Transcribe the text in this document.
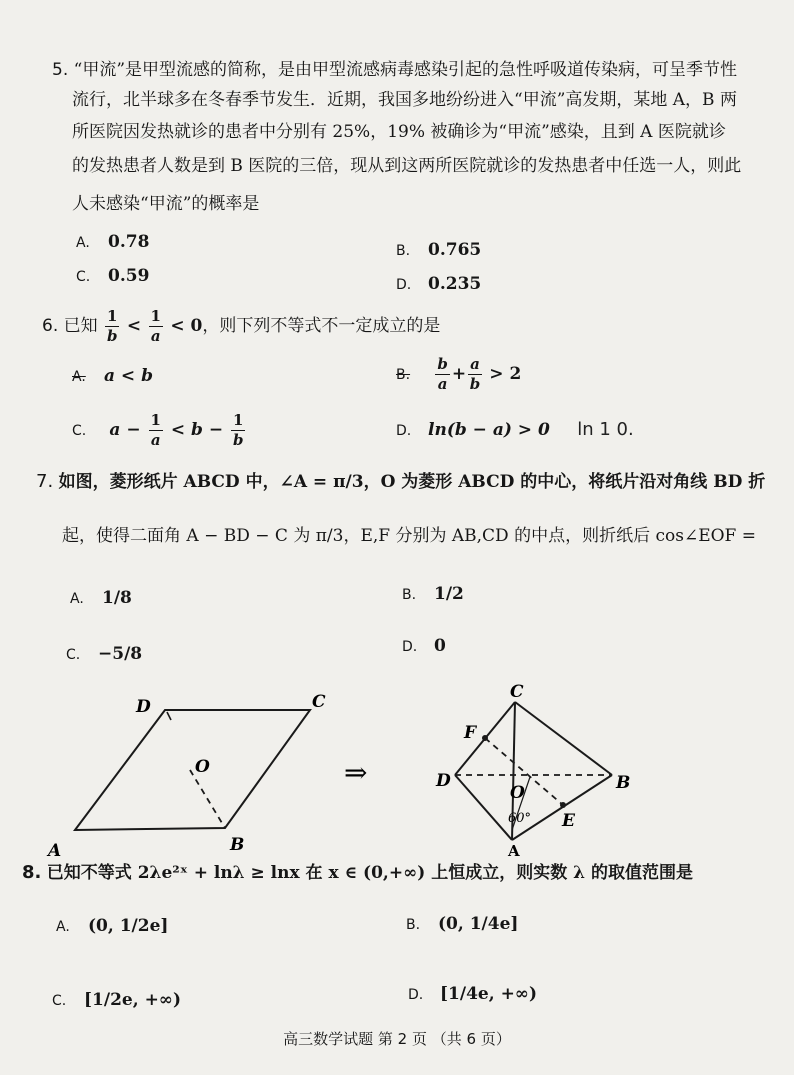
5. “甲流”是甲型流感的简称，是由甲型流感病毒感染引起的急性呼吸道传染病，可呈季节性
流行，北半球多在冬春季节发生．近期，我国多地纷纷进入“甲流”高发期，某地 A，B 两
所医院因发热就诊的患者中分别有 25%，19% 被确诊为“甲流”感染，且到 A 医院就诊
的发热患者人数是到 B 医院的三倍，现从到这两所医院就诊的发热患者中任选一人，则此
人未感染“甲流”的概率是
A. 0.78	B. 0.765
C. 0.59	D. 0.235
6. 已知 $\frac{1}{b} < \frac{1}{a} < 0$，则下列不等式不一定成立的是
A. a < b	B. $\frac{b}{a} + \frac{a}{b} > 2$
C. $a - \frac{1}{a} < b - \frac{1}{b}$	D. ln(b − a) > 0 ln 1 0.
7. 如图，菱形纸片 ABCD 中，∠A = π/3，O 为菱形 ABCD 的中心，将纸片沿对角线 BD 折
起，使得二面角 A − BD − C 为 π/3，E,F 分别为 AB,CD 的中点，则折纸后 cos∠EOF =
A. 1/8	B. 1/2
C. −5/8	D. 0
D	C
O
A	B
⇒
C
F
D
O	B
E
A
60°
8. 已知不等式 2λe²ˣ + lnλ ≥ lnx 在 x ∈ (0,+∞) 上恒成立，则实数 λ 的取值范围是
A. (0, 1/2e]	B. (0, 1/4e]
C. [1/2e, +∞)	D. [1/4e, +∞)
高三数学试题 第 2 页 （共 6 页）
